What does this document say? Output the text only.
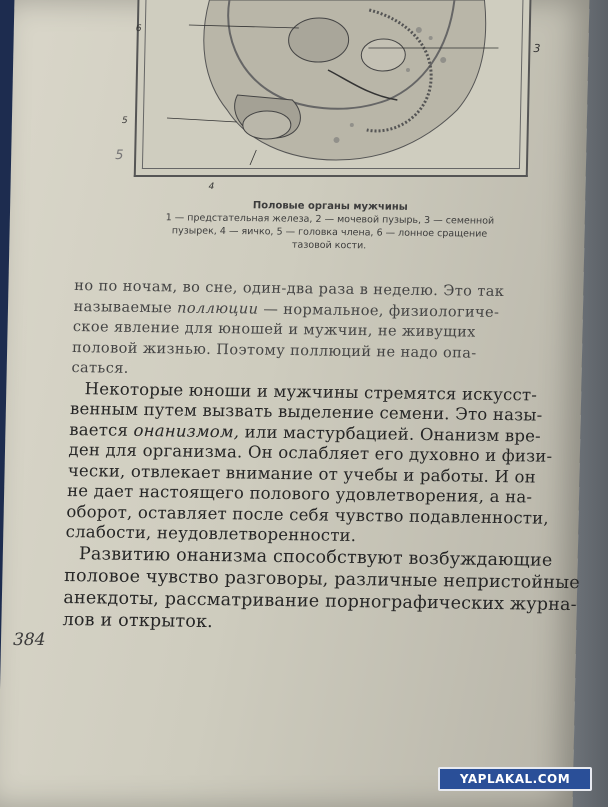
6
3
5
4
5
Половые органы мужчины
1 — предстательная железа, 2 — мочевой пузырь, 3 — семенной
пузырек, 4 — яичко, 5 — головка члена, 6 — лонное сращение
тазовой кости.
но по ночам, во сне, один-два раза в неделю. Это так
называемые поллюции — нормальное, физиологиче-
ское явление для юношей и мужчин, не живущих
половой жизнью. Поэтому поллюций не надо опа-
саться.
Некоторые юноши и мужчины стремятся искусст-
венным путем вызвать выделение семени. Это назы-
вается онанизмом, или мастурбацией. Онанизм вре-
ден для организма. Он ослабляет его духовно и физи-
чески, отвлекает внимание от учебы и работы. И он
не дает настоящего полового удовлетворения, а на-
оборот, оставляет после себя чувство подавленности,
слабости, неудовлетворенности.
Развитию онанизма способствуют возбуждающие
половое чувство разговоры, различные непристойные
анекдоты, рассматривание порнографических журна-
лов и открыток.
384
YAPLAKAL.COM
